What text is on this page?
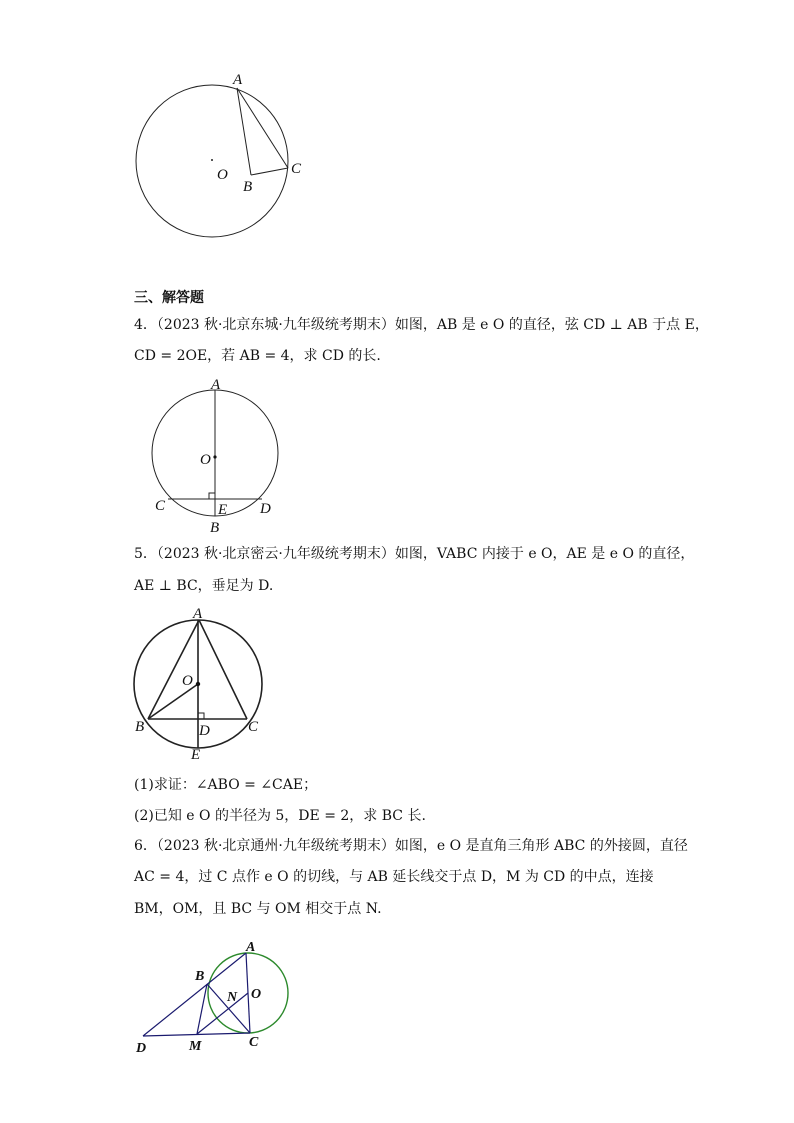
A
O
B
C
三、解答题
4．（2023 秋·北京东城·九年级统考期末）如图，AB 是 e O 的直径，弦 CD ⊥ AB 于点 E，
CD = 2OE，若 AB = 4，求 CD 的长.
A
O
C	E D
B
5．（2023 秋·北京密云·九年级统考期末）如图，VABC 内接于 e O，AE 是 e O 的直径，
AE ⊥ BC，垂足为 D.
A
O
B	C
D
E
(1)求证：∠ABO = ∠CAE；
(2)已知 e O 的半径为 5，DE = 2，求 BC 长.
6．（2023 秋·北京通州·九年级统考期末）如图，e O 是直角三角形 ABC 的外接圆，直径
AC = 4，过 C 点作 e O 的切线，与 AB 延长线交于点 D，M 为 CD 的中点，连接
BM，OM，且 BC 与 OM 相交于点 N.
A
B
N O
D	M	C
